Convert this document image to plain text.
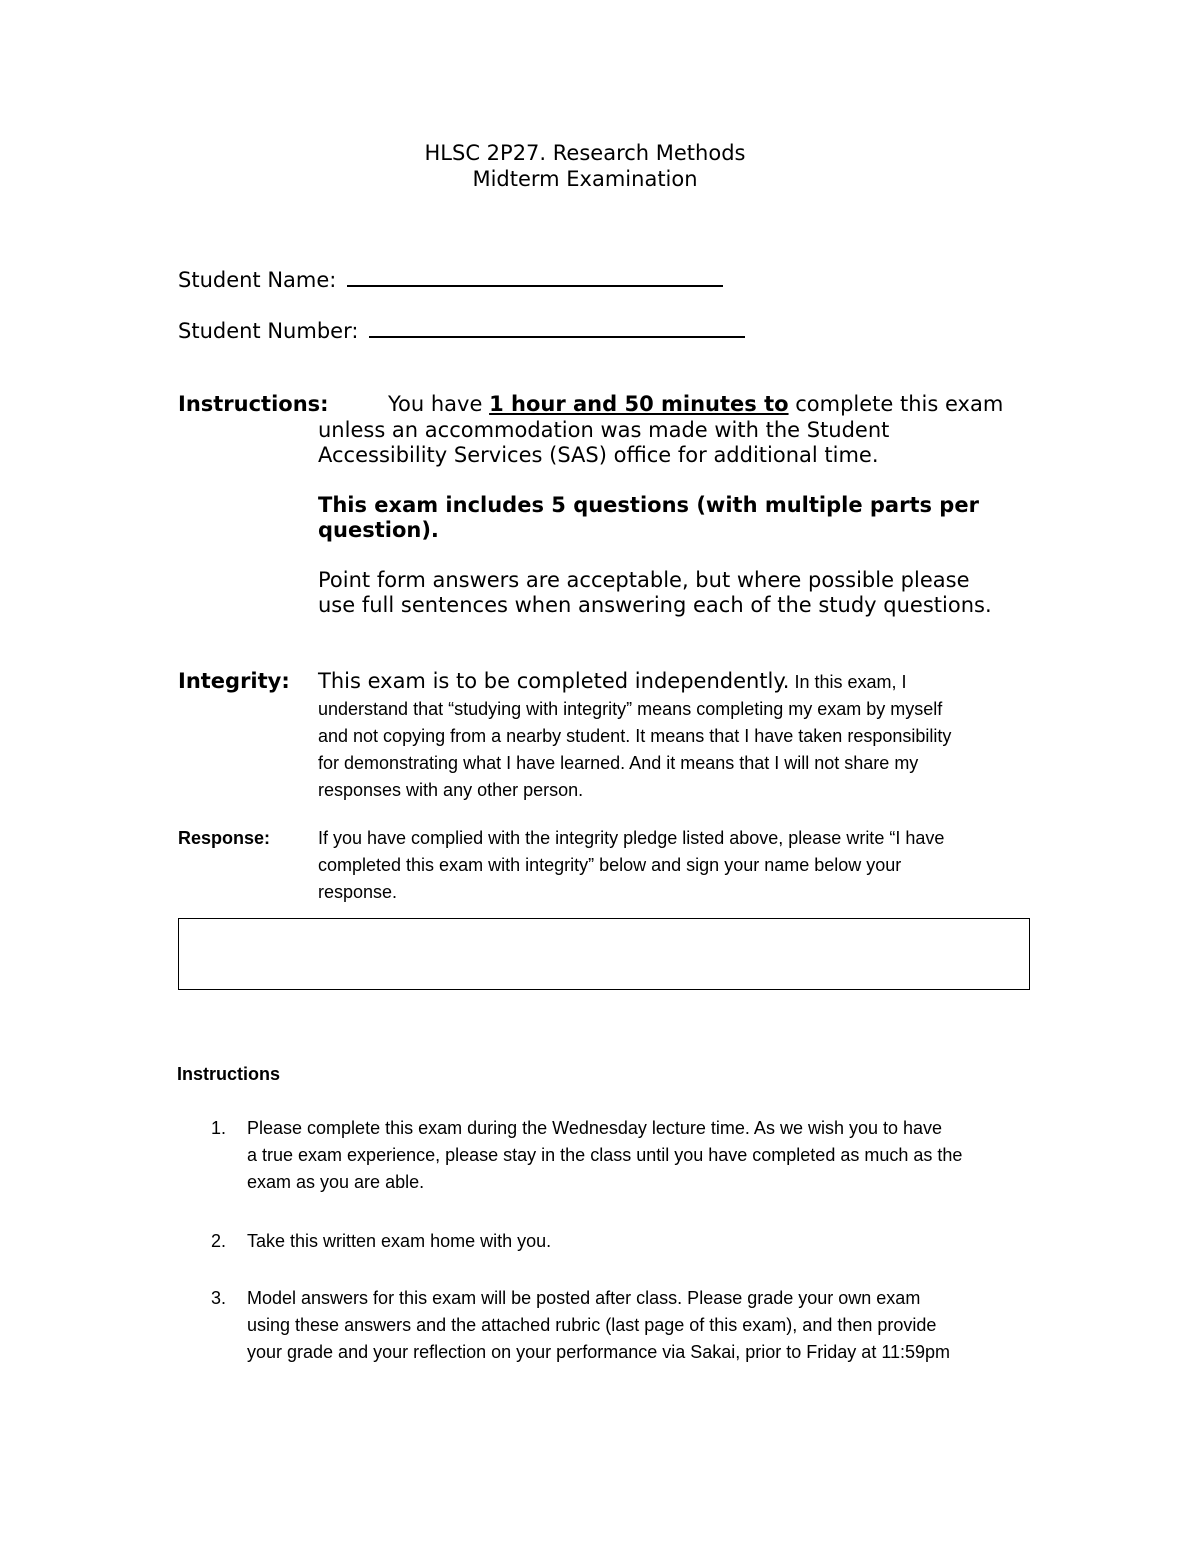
HLSC 2P27. Research Methods
Midterm Examination
Student Name:
Student Number:
Instructions:	You have 1 hour and 50 minutes to complete this exam
unless an accommodation was made with the Student
Accessibility Services (SAS) office for additional time.
This exam includes 5 questions (with multiple parts per
question).
Point form answers are acceptable, but where possible please
use full sentences when answering each of the study questions.
Integrity: This exam is to be completed independently. In this exam, I
understand that “studying with integrity” means completing my exam by myself
and not copying from a nearby student. It means that I have taken responsibility
for demonstrating what I have learned. And it means that I will not share my
responses with any other person.
Response:	If you have complied with the integrity pledge listed above, please write “I have
completed this exam with integrity” below and sign your name below your
response.
Instructions
1. Please complete this exam during the Wednesday lecture time. As we wish you to have
a true exam experience, please stay in the class until you have completed as much as the
exam as you are able.
2. Take this written exam home with you.
3. Model answers for this exam will be posted after class. Please grade your own exam
using these answers and the attached rubric (last page of this exam), and then provide
your grade and your reflection on your performance via Sakai, prior to Friday at 11:59pm
